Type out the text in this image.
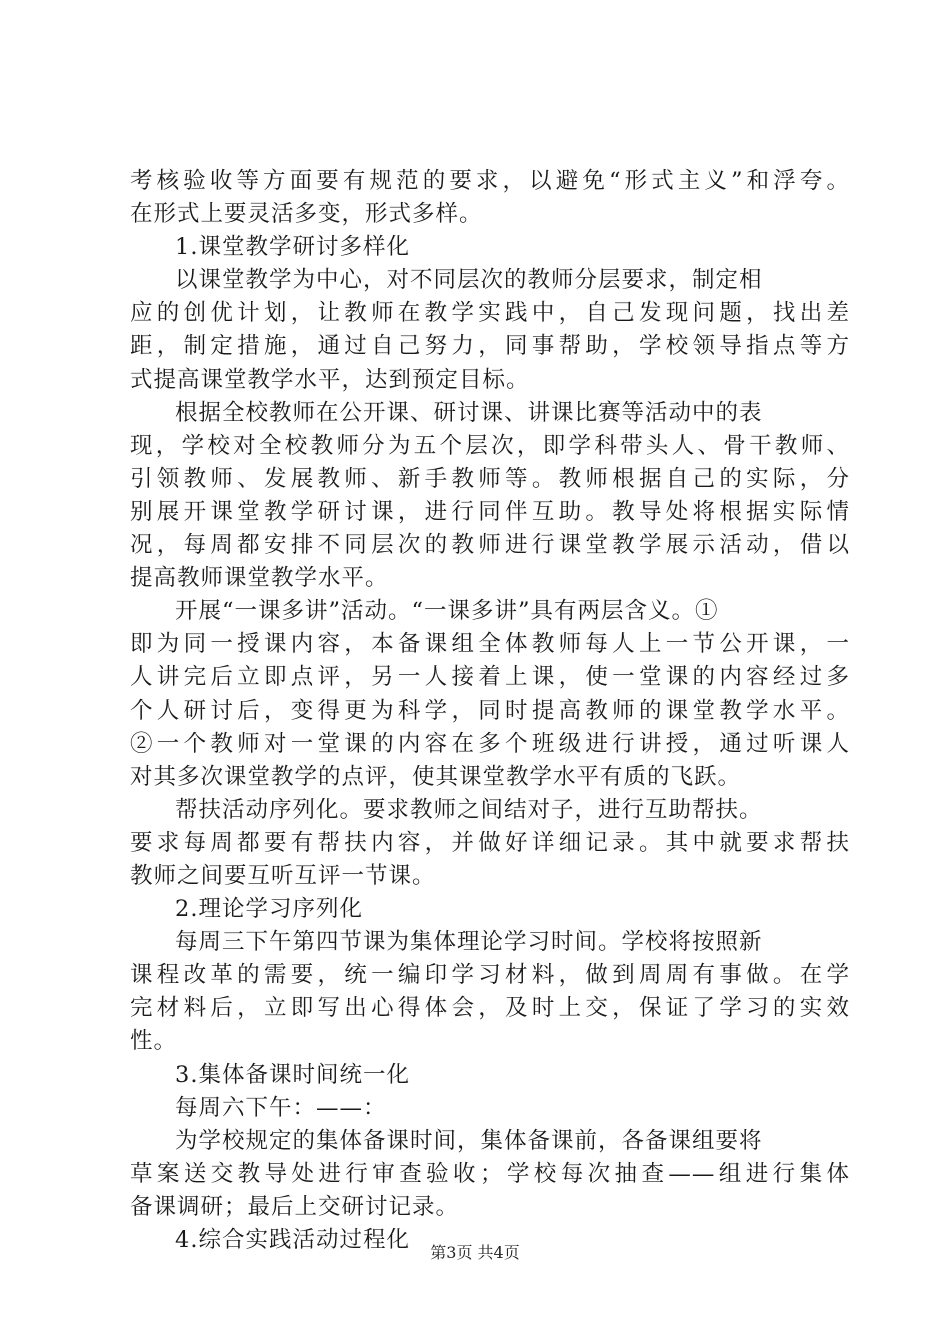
考核验收等方面要有规范的要求，以避免“形式主义”和浮夸。
在形式上要灵活多变，形式多样。
1.课堂教学研讨多样化
以课堂教学为中心，对不同层次的教师分层要求，制定相
应的创优计划，让教师在教学实践中，自己发现问题，找出差
距，制定措施，通过自己努力，同事帮助，学校领导指点等方
式提高课堂教学水平，达到预定目标。
根据全校教师在公开课、研讨课、讲课比赛等活动中的表
现，学校对全校教师分为五个层次，即学科带头人、骨干教师、
引领教师、发展教师、新手教师等。教师根据自己的实际，分
别展开课堂教学研讨课，进行同伴互助。教导处将根据实际情
况，每周都安排不同层次的教师进行课堂教学展示活动，借以
提高教师课堂教学水平。
开展“一课多讲”活动。“一课多讲”具有两层含义。①
即为同一授课内容，本备课组全体教师每人上一节公开课，一
人讲完后立即点评，另一人接着上课，使一堂课的内容经过多
个人研讨后，变得更为科学，同时提高教师的课堂教学水平。
②一个教师对一堂课的内容在多个班级进行讲授，通过听课人
对其多次课堂教学的点评，使其课堂教学水平有质的飞跃。
帮扶活动序列化。要求教师之间结对子，进行互助帮扶。
要求每周都要有帮扶内容，并做好详细记录。其中就要求帮扶
教师之间要互听互评一节课。
2.理论学习序列化
每周三下午第四节课为集体理论学习时间。学校将按照新
课程改革的需要，统一编印学习材料，做到周周有事做。在学
完材料后，立即写出心得体会，及时上交，保证了学习的实效
性。
3.集体备课时间统一化
每周六下午：——：
为学校规定的集体备课时间，集体备课前，各备课组要将
草案送交教导处进行审查验收；学校每次抽查——组进行集体
备课调研；最后上交研讨记录。
4.综合实践活动过程化	第3页 共4页
